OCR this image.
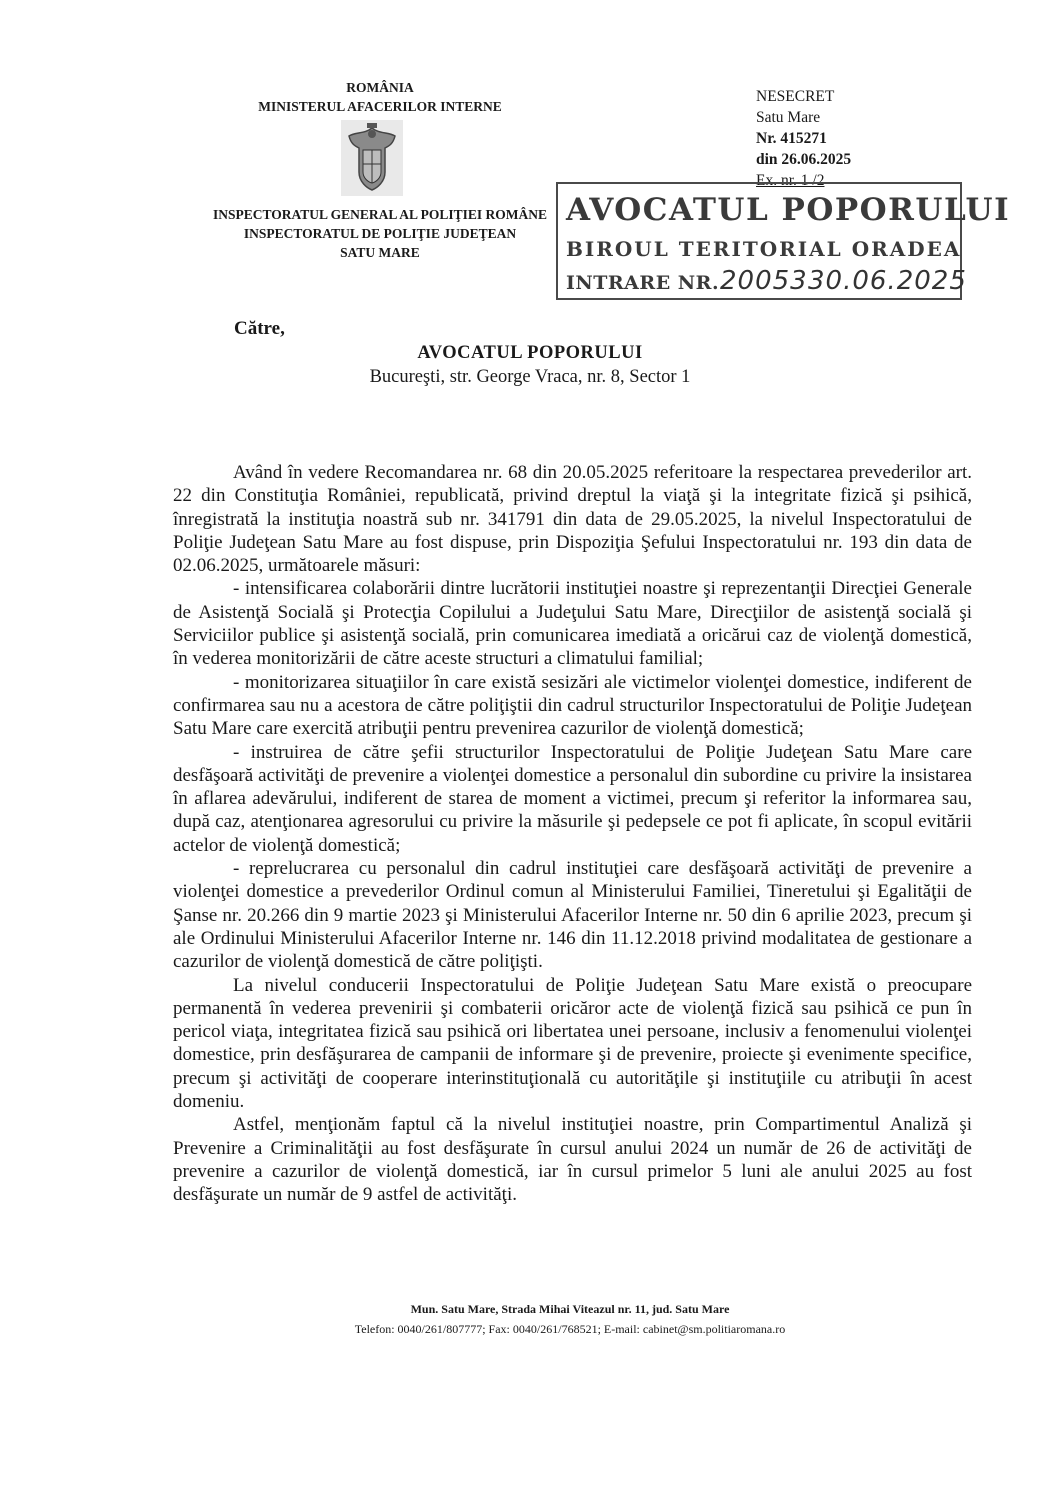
ROMÂNIA
MINISTERUL AFACERILOR INTERNE
INSPECTORATUL GENERAL AL POLIŢIEI ROMÂNE
INSPECTORATUL DE POLIŢIE JUDEŢEAN
SATU MARE
NESECRET
Satu Mare
Nr. 415271
din 26.06.2025
Ex. nr. 1 /2
AVOCATUL POPORULUI
BIROUL TERITORIAL ORADEA
INTRARE NR. 20053 30.06.2025
Către,
AVOCATUL POPORULUI
Bucureşti, str. George Vraca, nr. 8, Sector 1

Având în vedere Recomandarea nr. 68 din 20.05.2025 referitoare la respectarea prevederilor art. 22 din Constituţia României, republicată, privind dreptul la viaţă şi la integritate fizică şi psihică, înregistrată la instituţia noastră sub nr. 341791 din data de 29.05.2025, la nivelul Inspectoratului de Poliţie Judeţean Satu Mare au fost dispuse, prin Dispoziţia Şefului Inspectoratului nr. 193 din data de 02.06.2025, următoarele măsuri:

- intensificarea colaborării dintre lucrătorii instituţiei noastre şi reprezentanţii Direcţiei Generale de Asistenţă Socială şi Protecţia Copilului a Judeţului Satu Mare, Direcţiilor de asistenţă socială şi Serviciilor publice şi asistenţă socială, prin comunicarea imediată a oricărui caz de violenţă domestică, în vederea monitorizării de către aceste structuri a climatului familial;

- monitorizarea situaţiilor în care există sesizări ale victimelor violenţei domestice, indiferent de confirmarea sau nu a acestora de către poliţiştii din cadrul structurilor Inspectoratului de Poliţie Judeţean Satu Mare care exercită atribuţii pentru prevenirea cazurilor de violenţă domestică;

- instruirea de către şefii structurilor Inspectoratului de Poliţie Judeţean Satu Mare care desfăşoară activităţi de prevenire a violenţei domestice a personalul din subordine cu privire la insistarea în aflarea adevărului, indiferent de starea de moment a victimei, precum şi referitor la informarea sau, după caz, atenţionarea agresorului cu privire la măsurile şi pedepsele ce pot fi aplicate, în scopul evitării actelor de violenţă domestică;

- reprelucrarea cu personalul din cadrul instituţiei care desfăşoară activităţi de prevenire a violenţei domestice a prevederilor Ordinul comun al Ministerului Familiei, Tineretului şi Egalităţii de Şanse nr. 20.266 din 9 martie 2023 şi Ministerului Afacerilor Interne nr. 50 din 6 aprilie 2023, precum şi ale Ordinului Ministerului Afacerilor Interne nr. 146 din 11.12.2018 privind modalitatea de gestionare a cazurilor de violenţă domestică de către poliţişti.

La nivelul conducerii Inspectoratului de Poliţie Judeţean Satu Mare există o preocupare permanentă în vederea prevenirii şi combaterii oricăror acte de violenţă fizică sau psihică ce pun în pericol viaţa, integritatea fizică sau psihică ori libertatea unei persoane, inclusiv a fenomenului violenţei domestice, prin desfăşurarea de campanii de informare şi de prevenire, proiecte şi evenimente specifice, precum şi activităţi de cooperare interinstituţională cu autorităţile şi instituţiile cu atribuţii în acest domeniu.

Astfel, menţionăm faptul că la nivelul instituţiei noastre, prin Compartimentul Analiză şi Prevenire a Criminalităţii au fost desfăşurate în cursul anului 2024 un număr de 26 de activităţi de prevenire a cazurilor de violenţă domestică, iar în cursul primelor 5 luni ale anului 2025 au fost desfăşurate un număr de 9 astfel de activităţi.

Mun. Satu Mare, Strada Mihai Viteazul nr. 11, jud. Satu Mare
Telefon: 0040/261/807777; Fax: 0040/261/768521; E-mail: cabinet@sm.politiaromana.ro
